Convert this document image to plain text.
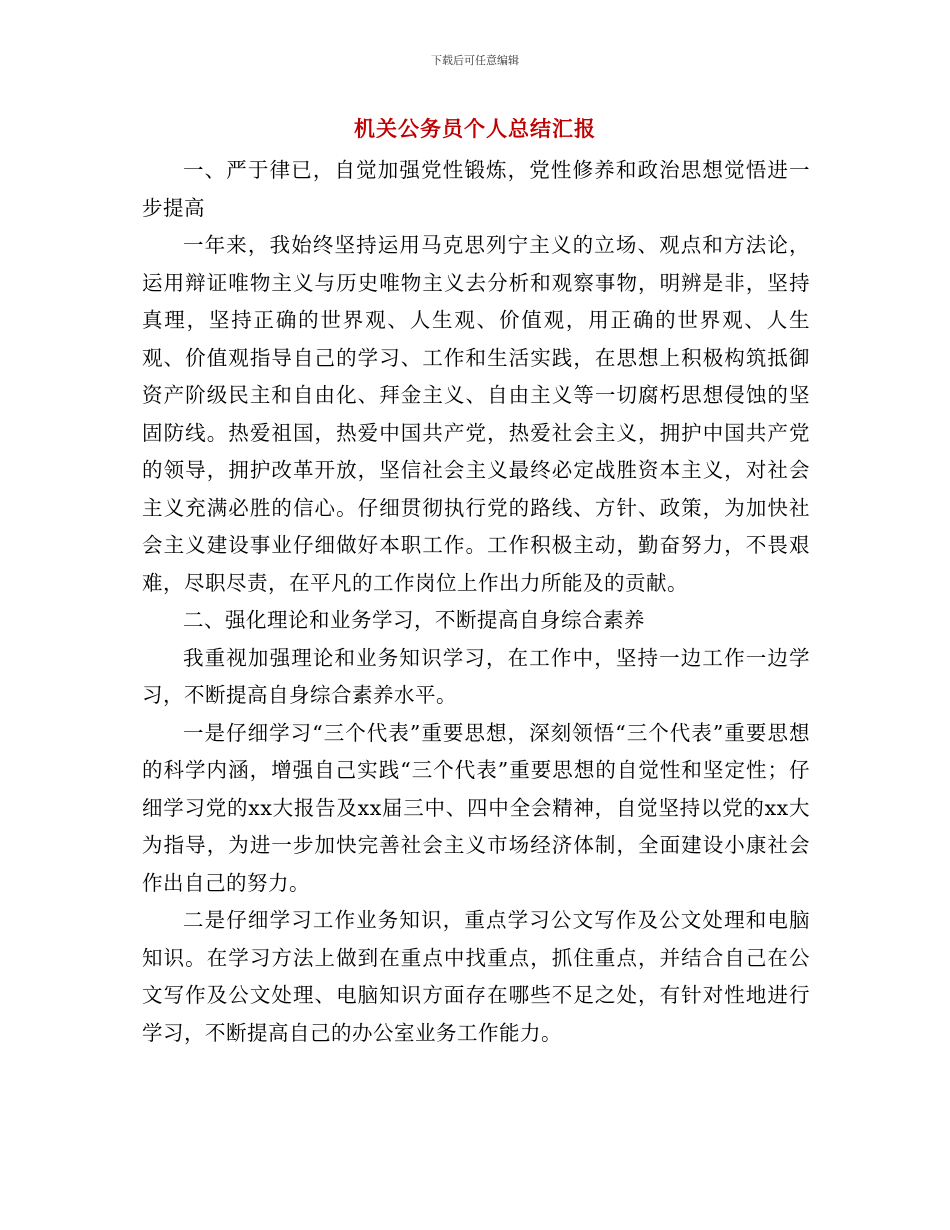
下载后可任意编辑
机关公务员个人总结汇报

一、严于律已，自觉加强党性锻炼，党性修养和政治思想觉悟进一步提高

一年来，我始终坚持运用马克思列宁主义的立场、观点和方法论，运用辩证唯物主义与历史唯物主义去分析和观察事物，明辨是非，坚持真理，坚持正确的世界观、人生观、价值观，用正确的世界观、人生观、价值观指导自己的学习、工作和生活实践，在思想上积极构筑抵御资产阶级民主和自由化、拜金主义、自由主义等一切腐朽思想侵蚀的坚固防线。热爱祖国，热爱中国共产党，热爱社会主义，拥护中国共产党的领导，拥护改革开放，坚信社会主义最终必定战胜资本主义，对社会主义充满必胜的信心。仔细贯彻执行党的路线、方针、政策，为加快社会主义建设事业仔细做好本职工作。工作积极主动，勤奋努力，不畏艰难，尽职尽责，在平凡的工作岗位上作出力所能及的贡献。

二、强化理论和业务学习，不断提高自身综合素养

我重视加强理论和业务知识学习，在工作中，坚持一边工作一边学习，不断提高自身综合素养水平。

一是仔细学习“三个代表”重要思想，深刻领悟“三个代表”重要思想的科学内涵，增强自己实践“三个代表”重要思想的自觉性和坚定性；仔细学习党的xx大报告及xx届三中、四中全会精神，自觉坚持以党的xx大为指导，为进一步加快完善社会主义市场经济体制，全面建设小康社会作出自己的努力。

二是仔细学习工作业务知识，重点学习公文写作及公文处理和电脑知识。在学习方法上做到在重点中找重点，抓住重点，并结合自己在公文写作及公文处理、电脑知识方面存在哪些不足之处，有针对性地进行学习，不断提高自己的办公室业务工作能力。
